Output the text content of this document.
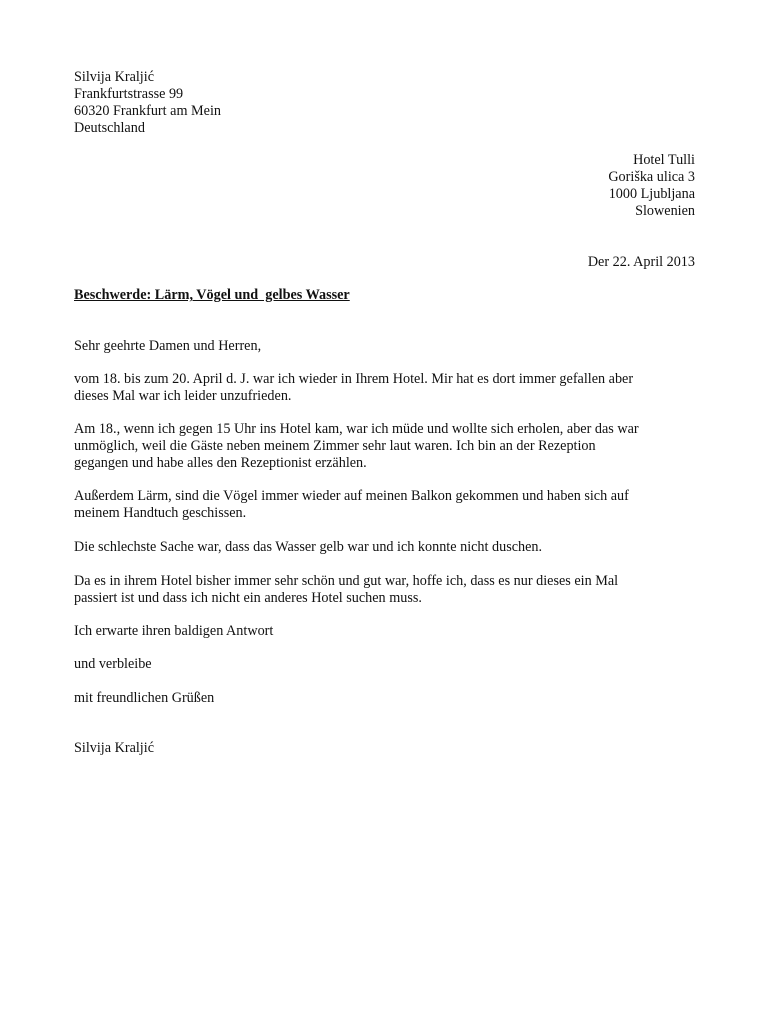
Silvija Kraljić
Frankfurtstrasse 99
60320 Frankfurt am Mein
Deutschland
Hotel Tulli
Goriška ulica 3
1000 Ljubljana
Slowenien
Der 22. April 2013
Beschwerde: Lärm, Vögel und  gelbes Wasser
Sehr geehrte Damen und Herren,
vom 18. bis zum 20. April d. J. war ich wieder in Ihrem Hotel. Mir hat es dort immer gefallen aber
dieses Mal war ich leider unzufrieden.
Am 18., wenn ich gegen 15 Uhr ins Hotel kam, war ich müde und wollte sich erholen, aber das war
unmöglich, weil die Gäste neben meinem Zimmer sehr laut waren. Ich bin an der Rezeption
gegangen und habe alles den Rezeptionist erzählen.
Außerdem Lärm, sind die Vögel immer wieder auf meinen Balkon gekommen und haben sich auf
meinem Handtuch geschissen.
Die schlechste Sache war, dass das Wasser gelb war und ich konnte nicht duschen.
Da es in ihrem Hotel bisher immer sehr schön und gut war, hoffe ich, dass es nur dieses ein Mal
passiert ist und dass ich nicht ein anderes Hotel suchen muss.
Ich erwarte ihren baldigen Antwort
und verbleibe
mit freundlichen Grüßen
Silvija Kraljić
